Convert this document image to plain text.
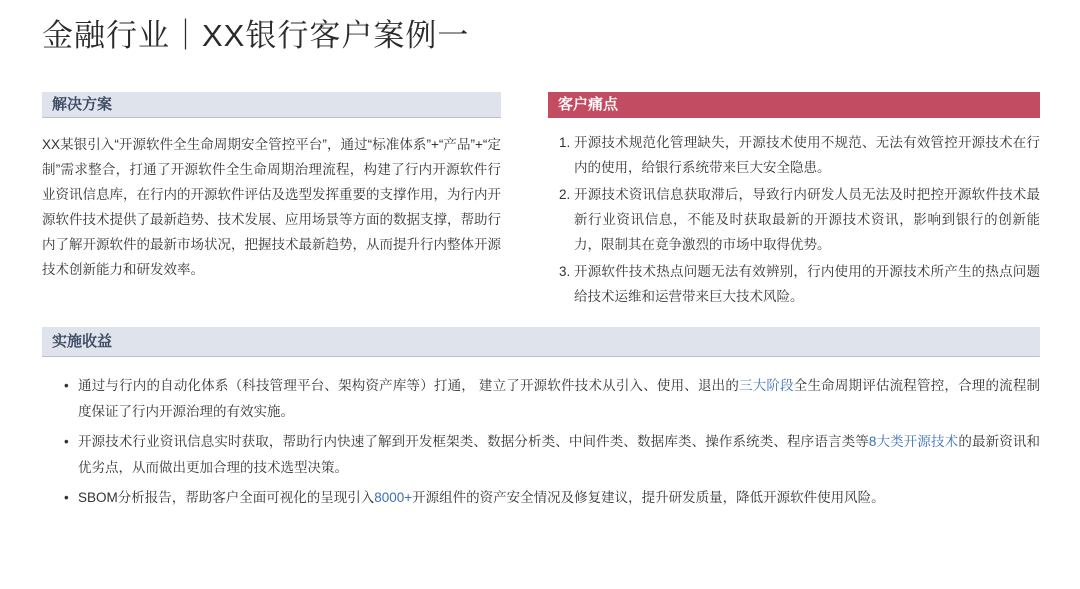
金融行业｜XX银行客户案例一
解决方案
XX某银引入“开源软件全生命周期安全管控平台”，通过“标准体系”+“产品”+“定制”需求整合，打通了开源软件全生命周期治理流程，构建了行内开源软件行业资讯信息库，在行内的开源软件评估及选型发挥重要的支撑作用，为行内开源软件技术提供了最新趋势、技术发展、应用场景等方面的数据支撑，帮助行内了解开源软件的最新市场状况，把握技术最新趋势，从而提升行内整体开源技术创新能力和研发效率。
客户痛点
1. 开源技术规范化管理缺失，开源技术使用不规范、无法有效管控开源技术在行内的使用，给银行系统带来巨大安全隐患。
2. 开源技术资讯信息获取滞后，导致行内研发人员无法及时把控开源软件技术最新行业资讯信息，不能及时获取最新的开源技术资讯，影响到银行的创新能力，限制其在竟争激烈的市场中取得优势。
3. 开源软件技术热点问题无法有效辨别，行内使用的开源技术所产生的热点问题给技术运维和运营带来巨大技术风险。
实施收益
• 通过与行内的自动化体系（科技管理平台、架构资产库等）打通， 建立了开源软件技术从引入、使用、退出的三大阶段全生命周期评估流程管控，合理的流程制度保证了行内开源治理的有效实施。
• 开源技术行业资讯信息实时获取，帮助行内快速了解到开发框架类、数据分析类、中间件类、数据库类、操作系统类、程序语言类等8大类开源技术的最新资讯和优劣点，从而做出更加合理的技术选型决策。
• SBOM分析报告，帮助客户全面可视化的呈现引入8000+开源组件的资产安全情况及修复建议，提升研发质量，降低开源软件使用风险。
